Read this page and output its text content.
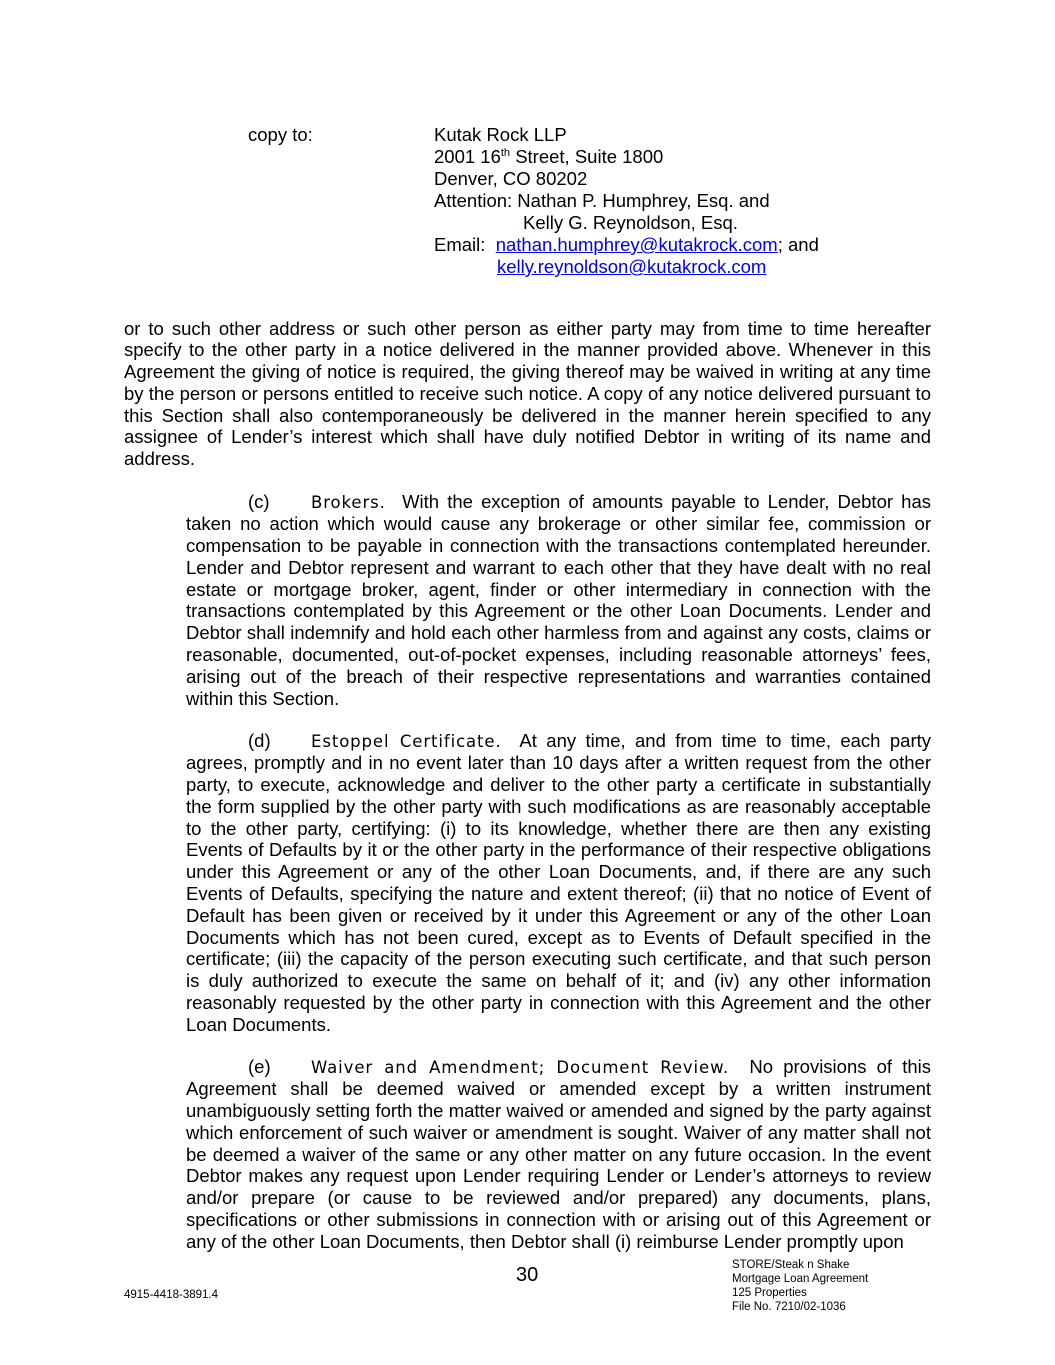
copy to:	Kutak Rock LLP
2001 16th Street, Suite 1800
Denver, CO 80202
Attention: Nathan P. Humphrey, Esq. and
Kelly G. Reynoldson, Esq.
Email: nathan.humphrey@kutakrock.com; and
kelly.reynoldson@kutakrock.com

or to such other address or such other person as either party may from time to time hereafter specify to the other party in a notice delivered in the manner provided above. Whenever in this Agreement the giving of notice is required, the giving thereof may be waived in writing at any time by the person or persons entitled to receive such notice. A copy of any notice delivered pursuant to this Section shall also contemporaneously be delivered in the manner herein specified to any assignee of Lender’s interest which shall have duly notified Debtor in writing of its name and address.

(c)	Brokers. With the exception of amounts payable to Lender, Debtor has taken no action which would cause any brokerage or other similar fee, commission or compensation to be payable in connection with the transactions contemplated hereunder. Lender and Debtor represent and warrant to each other that they have dealt with no real estate or mortgage broker, agent, finder or other intermediary in connection with the transactions contemplated by this Agreement or the other Loan Documents. Lender and Debtor shall indemnify and hold each other harmless from and against any costs, claims or reasonable, documented, out-of-pocket expenses, including reasonable attorneys’ fees, arising out of the breach of their respective representations and warranties contained within this Section.

(d) Estoppel Certificate. At any time, and from time to time, each party agrees, promptly and in no event later than 10 days after a written request from the other party, to execute, acknowledge and deliver to the other party a certificate in substantially the form supplied by the other party with such modifications as are reasonably acceptable to the other party, certifying: (i) to its knowledge, whether there are then any existing Events of Defaults by it or the other party in the performance of their respective obligations under this Agreement or any of the other Loan Documents, and, if there are any such Events of Defaults, specifying the nature and extent thereof; (ii) that no notice of Event of Default has been given or received by it under this Agreement or any of the other Loan Documents which has not been cured, except as to Events of Default specified in the certificate; (iii) the capacity of the person executing such certificate, and that such person is duly authorized to execute the same on behalf of it; and (iv) any other information reasonably requested by the other party in connection with this Agreement and the other Loan Documents.

(e) Waiver and Amendment; Document Review. No provisions of this Agreement shall be deemed waived or amended except by a written instrument unambiguously setting forth the matter waived or amended and signed by the party against which enforcement of such waiver or amendment is sought. Waiver of any matter shall not be deemed a waiver of the same or any other matter on any future occasion. In the event Debtor makes any request upon Lender requiring Lender or Lender’s attorneys to review and/or prepare (or cause to be reviewed and/or prepared) any documents, plans, specifications or other submissions in connection with or arising out of this Agreement or any of the other Loan Documents, then Debtor shall (i) reimburse Lender promptly upon

30
4915-4418-3891.4
STORE/Steak n Shake
Mortgage Loan Agreement
125 Properties
File No. 7210/02-1036
